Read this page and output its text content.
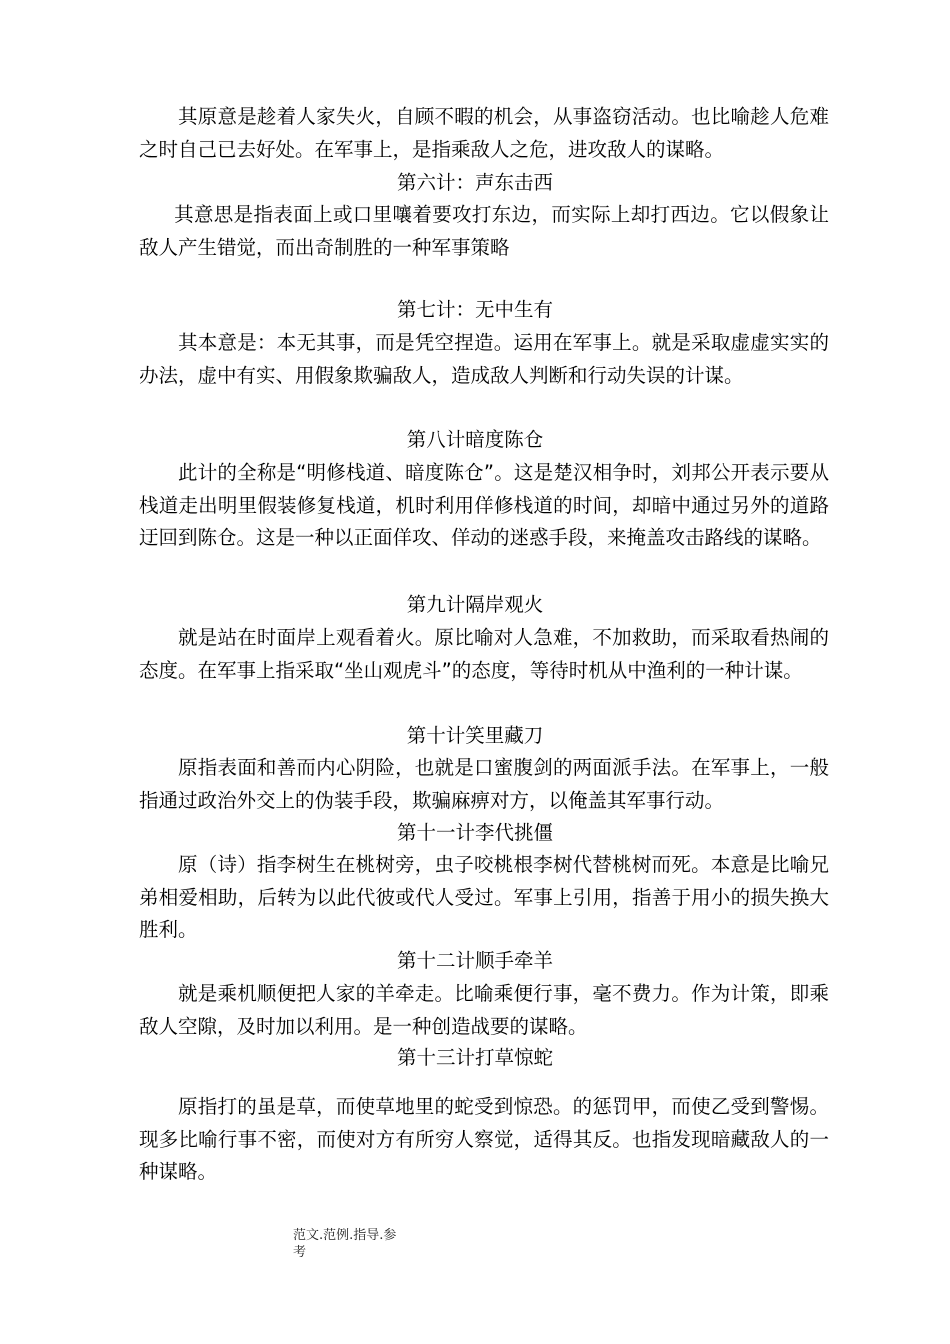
其原意是趁着人家失火，自顾不暇的机会，从事盗窃活动。也比喻趁人危难之时自己已去好处。在军事上，是指乘敌人之危，进攻敌人的谋略。

第六计：声东击西

其意思是指表面上或口里嚷着要攻打东边，而实际上却打西边。它以假象让敌人产生错觉，而出奇制胜的一种军事策略

第七计：无中生有

其本意是：本无其事，而是凭空捏造。运用在军事上。就是采取虚虚实实的办法，虚中有实、用假象欺骗敌人，造成敌人判断和行动失误的计谋。

第八计暗度陈仓

此计的全称是“明修栈道、暗度陈仓”。这是楚汉相争时，刘邦公开表示要从栈道走出明里假装修复栈道，机时利用佯修栈道的时间，却暗中通过另外的道路迂回到陈仓。这是一种以正面佯攻、佯动的迷惑手段，来掩盖攻击路线的谋略。

第九计隔岸观火

就是站在时面岸上观看着火。原比喻对人急难，不加救助，而采取看热闹的态度。在军事上指采取“坐山观虎斗”的态度，等待时机从中渔利的一种计谋。

第十计笑里藏刀

原指表面和善而内心阴险，也就是口蜜腹剑的两面派手法。在军事上，一般指通过政治外交上的伪装手段，欺骗麻痹对方，以俺盖其军事行动。

第十一计李代挑僵

原（诗）指李树生在桃树旁，虫子咬桃根李树代替桃树而死。本意是比喻兄弟相爱相助，后转为以此代彼或代人受过。军事上引用，指善于用小的损失换大胜利。

第十二计顺手牵羊

就是乘机顺便把人家的羊牵走。比喻乘便行事，毫不费力。作为计策，即乘敌人空隙，及时加以利用。是一种创造战要的谋略。

第十三计打草惊蛇

原指打的虽是草，而使草地里的蛇受到惊恐。的惩罚甲，而使乙受到警惕。现多比喻行事不密，而使对方有所穷人察觉，适得其反。也指发现暗藏敌人的一种谋略。

范文.范例.指导.参
考
